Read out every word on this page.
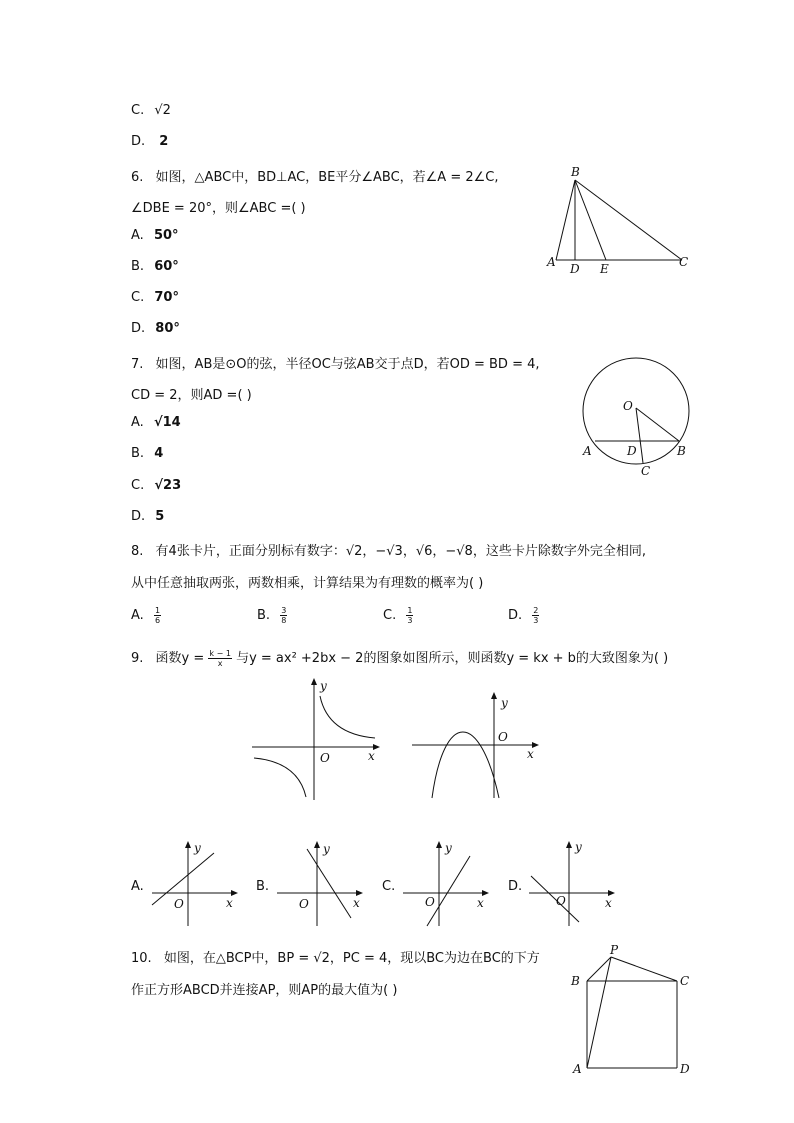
C. √2
D. 2
6. 如图，△ABC中，BD⊥AC，BE平分∠ABC，若∠A = 2∠C,
∠DBE = 20°，则∠ABC =( )
A. 50°
B. 60°
C. 70°
D. 80°
B
A D E	C
7. 如图，AB是⊙O的弦，半径OC与弦AB交于点D，若OD = BD = 4,
CD = 2，则AD =( )
A. √14
B. 4
C. √23
D. 5
O
A	D	B
C
8. 有4张卡片，正面分别标有数字：√2，−√3，√6，−√8，这些卡片除数字外完全相同,
从中任意抽取两张，两数相乘，计算结果为有理数的概率为( )
A. $\frac{1}{6}$	B. $\frac{3}{8}$	C. $\frac{1}{3}$	D. $\frac{2}{3}$
9. 函数$y = \frac{k - 1}{x}$ 与y = ax² +2bx − 2的图象如图所示，则函数y = kx + b的大致图象为( )
y
x
O
y
x
O
A.
y
x
O
B.
y
x
O
C.
y
x
O
D.
y
x
O
10. 如图，在△BCP中，BP = √2，PC = 4，现以BC为边在BC的下方
作正方形ABCD并连接AP，则AP的最大值为( )
P
B	C
A	D
